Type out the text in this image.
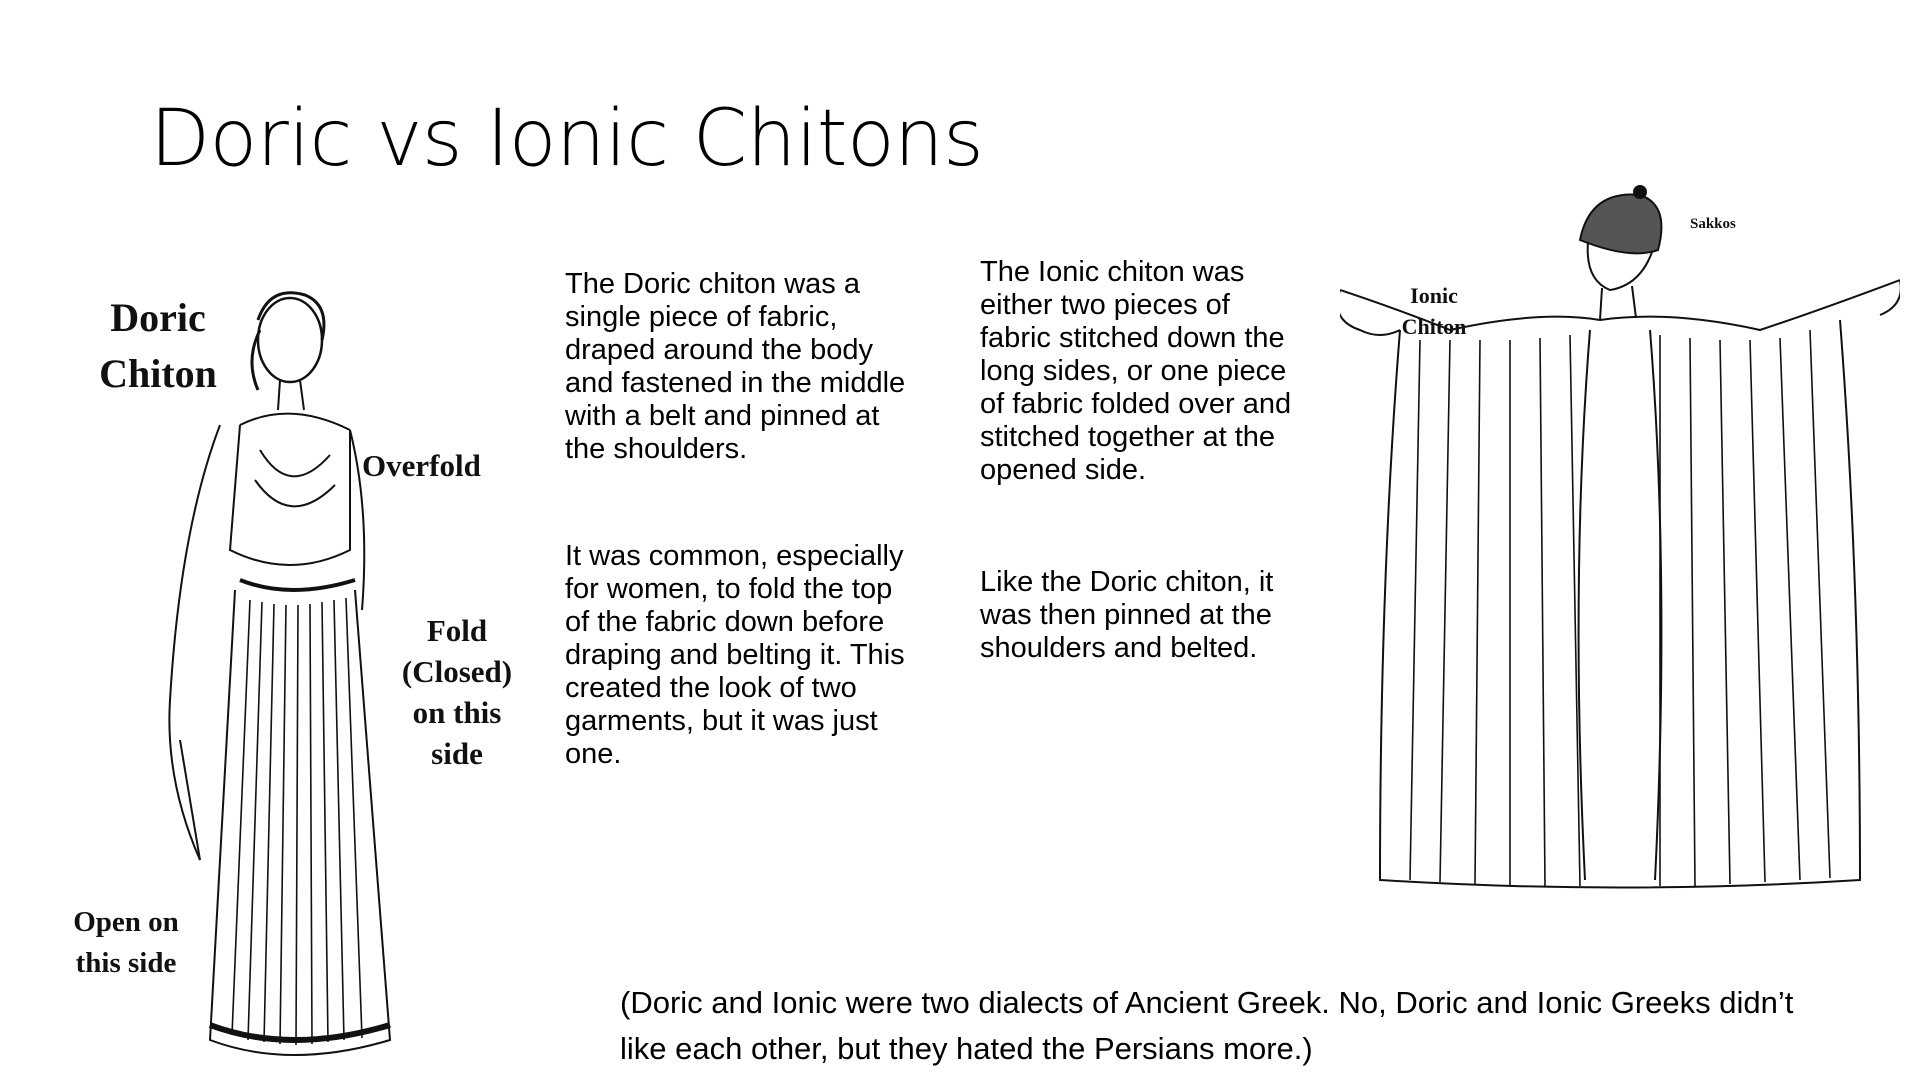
Doric vs Ionic Chitons
Doric
Chiton
Overfold
Fold
(Closed)
on this
side
Open on
this side
The Doric chiton was a
single piece of fabric,
draped around the body
and fastened in the middle
with a belt and pinned at
the shoulders.
It was common, especially
for women, to fold the top
of the fabric down before
draping and belting it. This
created the look of two
garments, but it was just
one.
The Ionic chiton was
either two pieces of
fabric stitched down the
long sides, or one piece
of fabric folded over and
stitched together at the
opened side.
Like the Doric chiton, it
was then pinned at the
shoulders and belted.
Ionic
Chiton
Sakkos
(Doric and Ionic were two dialects of Ancient Greek. No, Doric and Ionic Greeks didn’t
like each other, but they hated the Persians more.)
